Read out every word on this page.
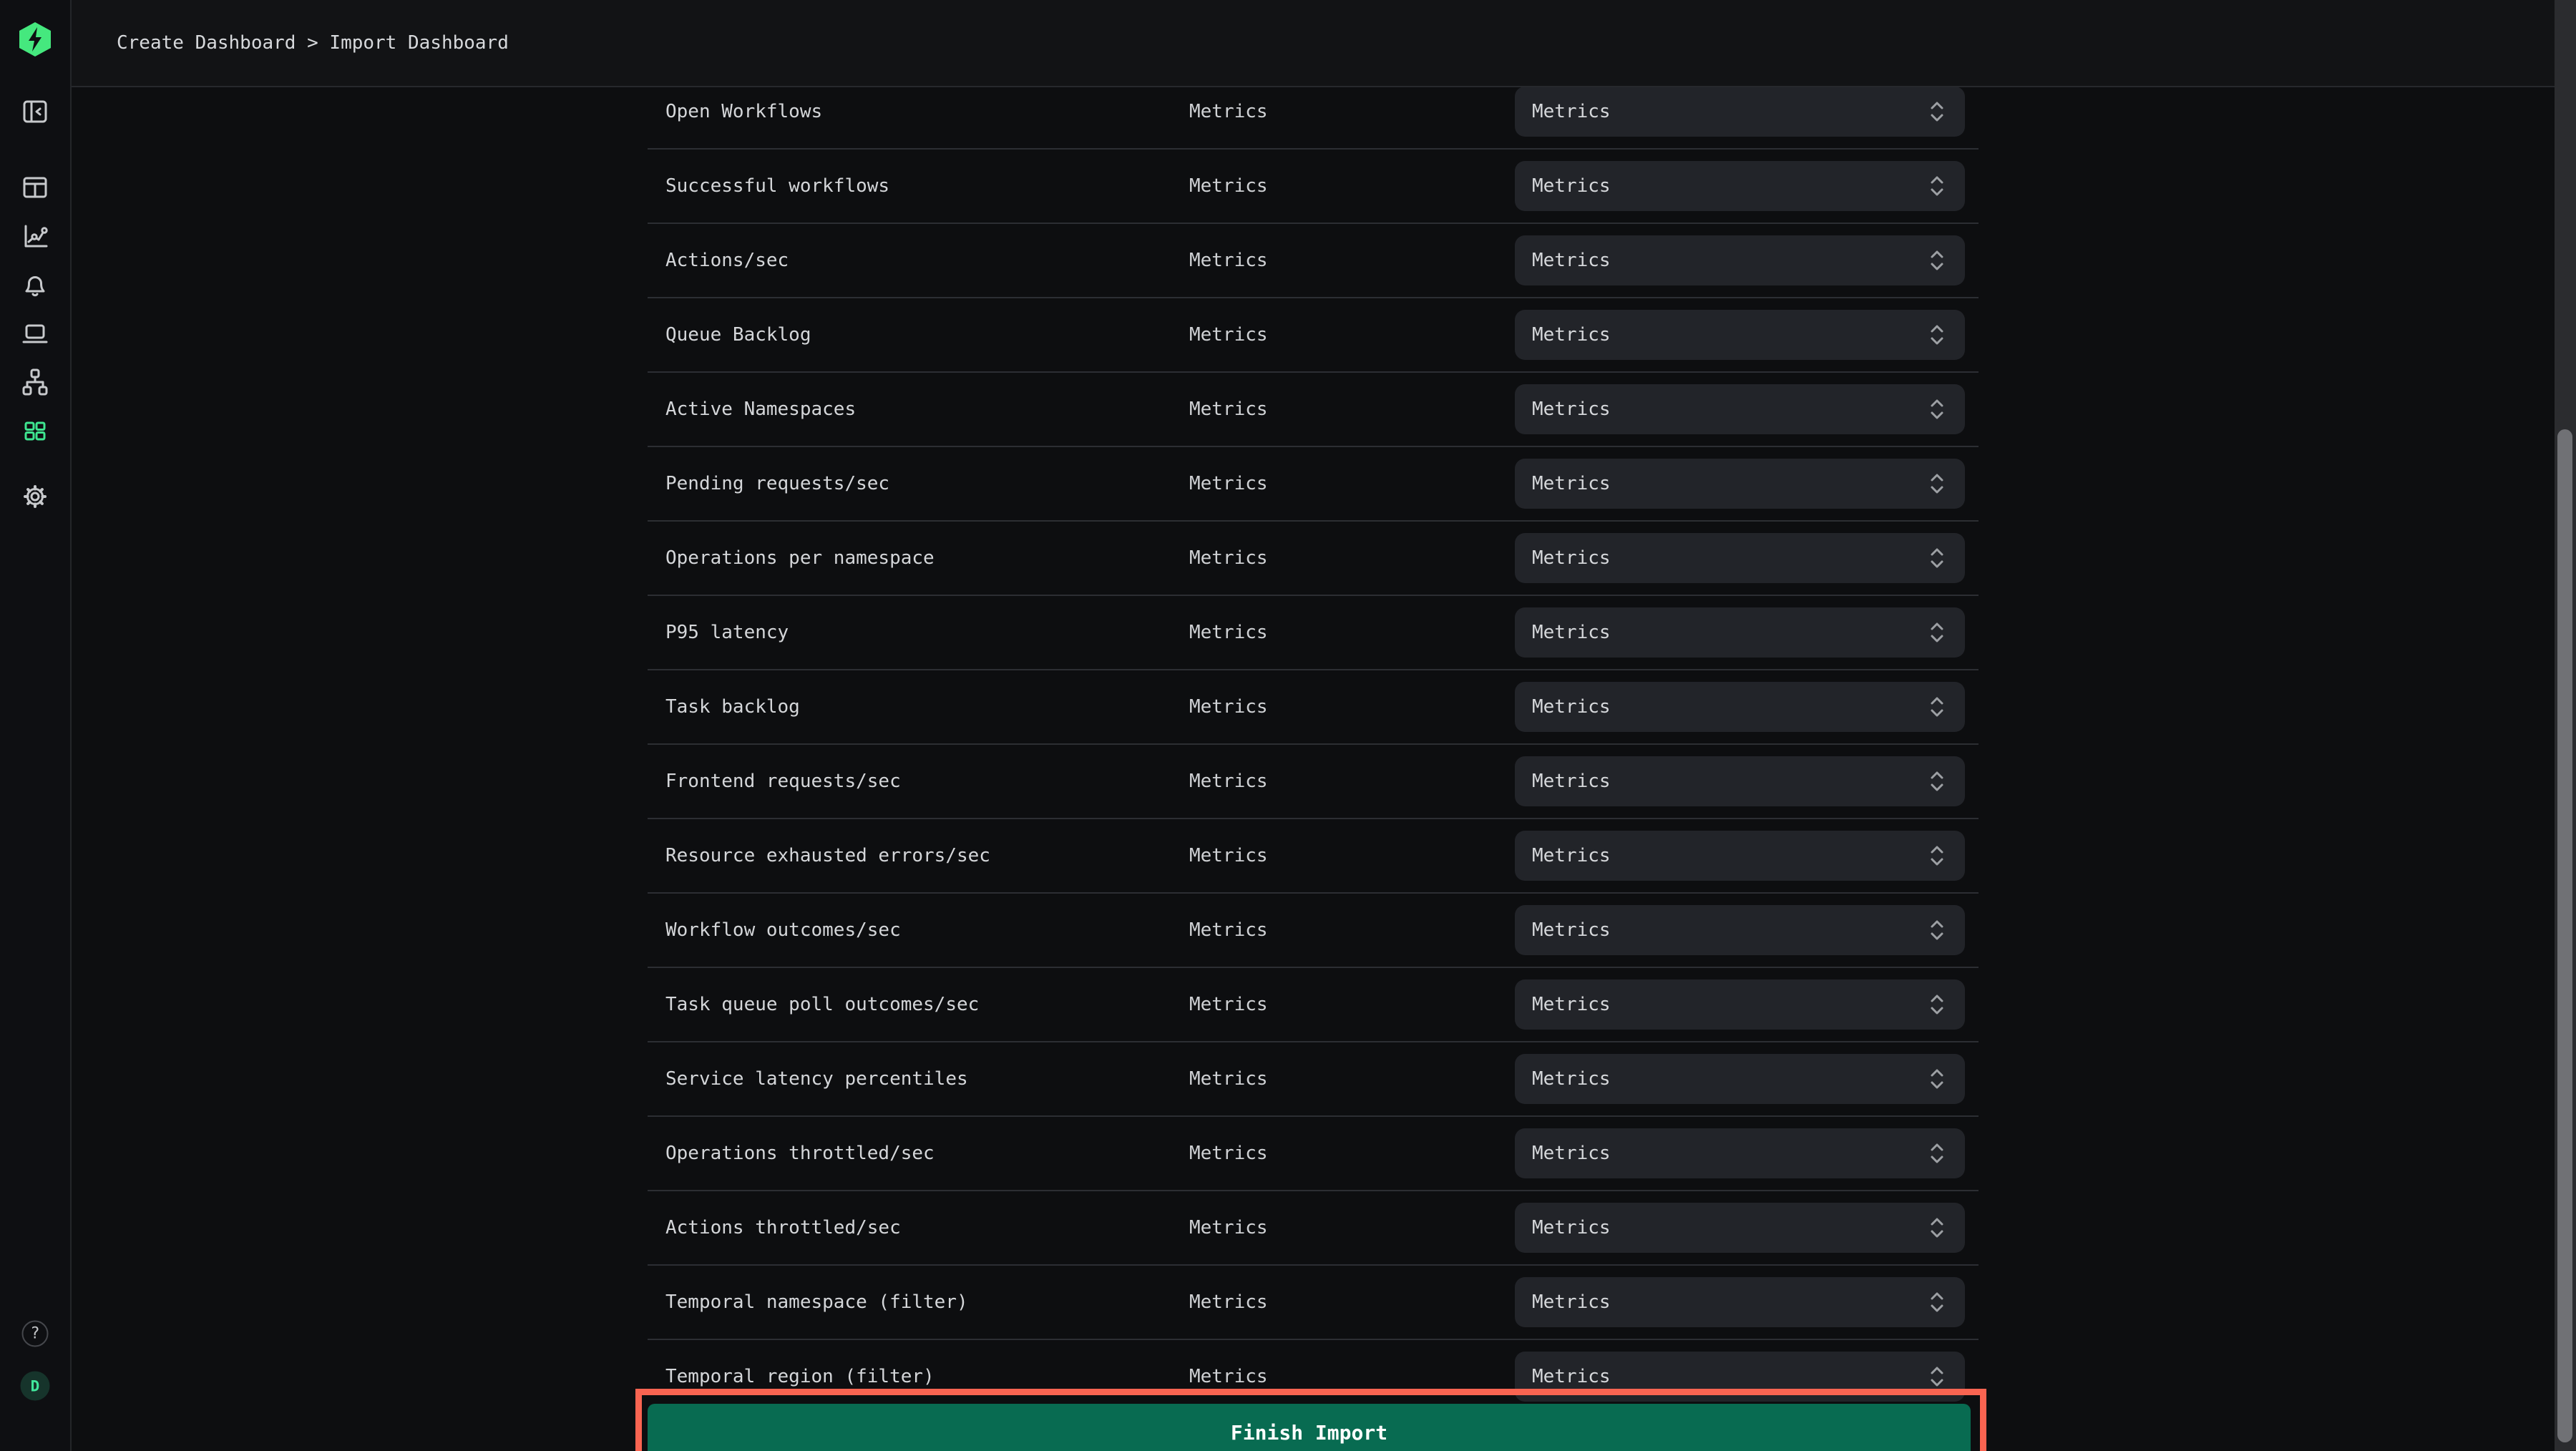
Open Workflows	Metrics	Metrics
Successful workflows	Metrics	Metrics
Actions/sec	Metrics	Metrics
Queue Backlog	Metrics	Metrics
Active Namespaces	Metrics	Metrics
Pending requests/sec	Metrics	Metrics
Operations per namespace	Metrics	Metrics
P95 latency	Metrics	Metrics
Task backlog	Metrics	Metrics
Frontend requests/sec	Metrics	Metrics
Resource exhausted errors/sec	Metrics	Metrics
Workflow outcomes/sec	Metrics	Metrics
Task queue poll outcomes/sec	Metrics	Metrics
Service latency percentiles	Metrics	Metrics
Operations throttled/sec	Metrics	Metrics
Actions throttled/sec	Metrics	Metrics
Temporal namespace (filter)	Metrics	Metrics
Temporal region (filter)	Metrics	Metrics
Create Dashboard > Import Dashboard
?
D
Finish Import
